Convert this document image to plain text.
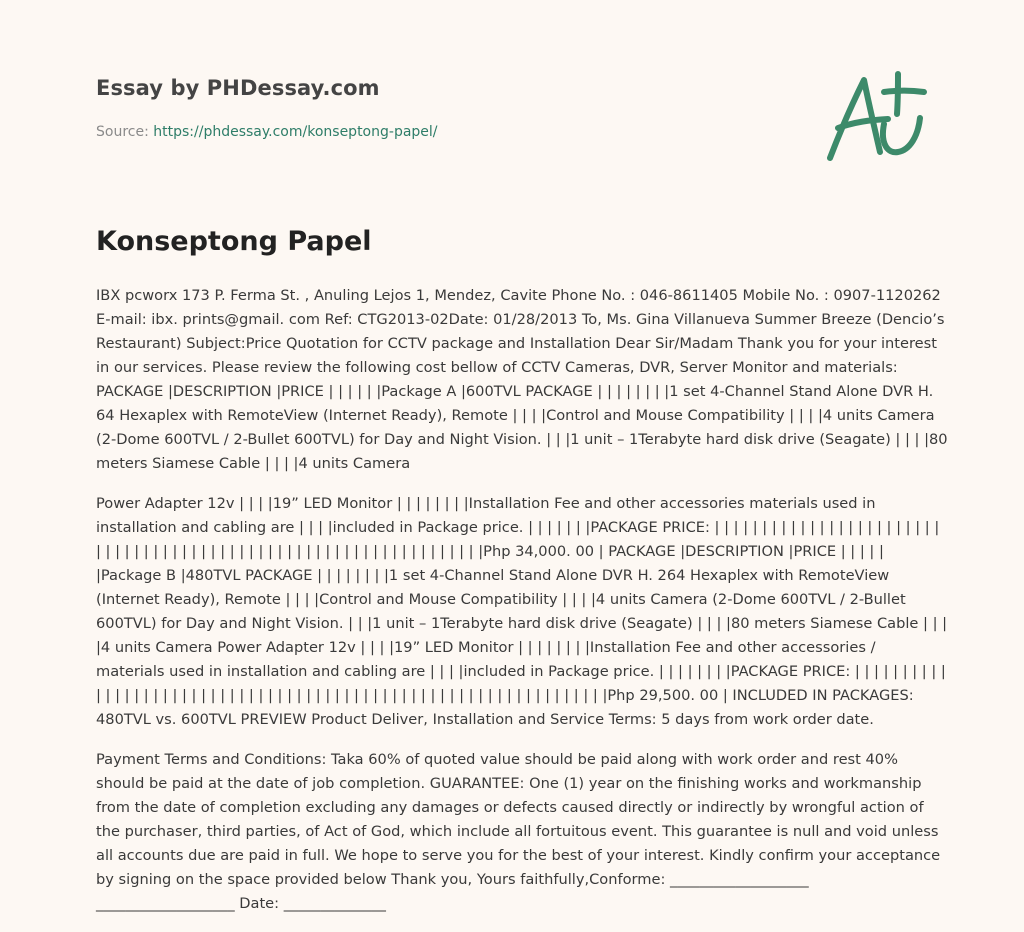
Essay by PHDessay.com
Source: https://phdessay.com/konseptong-papel/
Konseptong Papel

IBX pcworx 173 P. Ferma St. , Anuling Lejos 1, Mendez, Cavite Phone No. : 046-8611405 Mobile No. : 0907-1120262 E-mail: ibx. prints@gmail. com Ref: CTG2013-02Date: 01/28/2013 To, Ms. Gina Villanueva Summer Breeze (Dencio’s Restaurant) Subject:Price Quotation for CCTV package and Installation Dear Sir/Madam Thank you for your interest in our services. Please review the following cost bellow of CCTV Cameras, DVR, Server Monitor and materials: PACKAGE |DESCRIPTION |PRICE | | | | | |Package A |600TVL PACKAGE | | | | | | | |1 set 4-Channel Stand Alone DVR H. 64 Hexaplex with RemoteView (Internet Ready), Remote | | | |Control and Mouse Compatibility | | | |4 units Camera (2-Dome 600TVL / 2-Bullet 600TVL) for Day and Night Vision. | | |1 unit – 1Terabyte hard disk drive (Seagate) | | | |80 meters Siamese Cable | | | |4 units Camera

Power Adapter 12v | | | |19” LED Monitor | | | | | | | |Installation Fee and other accessories materials used in installation and cabling are | | | |included in Package price. | | | | | | |PACKAGE PRICE: | | | | | | | | | | | | | | | | | | | | | | | | | | | | | | | | | | | | | | | | | | | | | | | | | | | | | | | | | | | | | | | | |Php 34,000. 00 | PACKAGE |DESCRIPTION |PRICE | | | | | |Package B |480TVL PACKAGE | | | | | | | |1 set 4-Channel Stand Alone DVR H. 264 Hexaplex with RemoteView (Internet Ready), Remote | | | |Control and Mouse Compatibility | | | |4 units Camera (2-Dome 600TVL / 2-Bullet 600TVL) for Day and Night Vision. | | |1 unit – 1Terabyte hard disk drive (Seagate) | | | |80 meters Siamese Cable | | | |4 units Camera Power Adapter 12v | | | |19” LED Monitor | | | | | | | |Installation Fee and other accessories / materials used in installation and cabling are | | | |included in Package price. | | | | | | | |PACKAGE PRICE: | | | | | | | | | | | | | | | | | | | | | | | | | | | | | | | | | | | | | | | | | | | | | | | | | | | | | | | | | | | | | | | |Php 29,500. 00 | INCLUDED IN PACKAGES: 480TVL vs. 600TVL PREVIEW Product Deliver, Installation and Service Terms: 5 days from work order date.

Payment Terms and Conditions: Taka 60% of quoted value should be paid along with work order and rest 40% should be paid at the date of job completion. GUARANTEE: One (1) year on the finishing works and workmanship from the date of completion excluding any damages or defects caused directly or indirectly by wrongful action of the purchaser, third parties, of Act of God, which include all fortuitous event. This guarantee is null and void unless all accounts due are paid in full. We hope to serve you for the best of your interest. Kindly confirm your acceptance by signing on the space provided below Thank you, Yours faithfully,Conforme: ___________________ ___________________ Date: ______________
